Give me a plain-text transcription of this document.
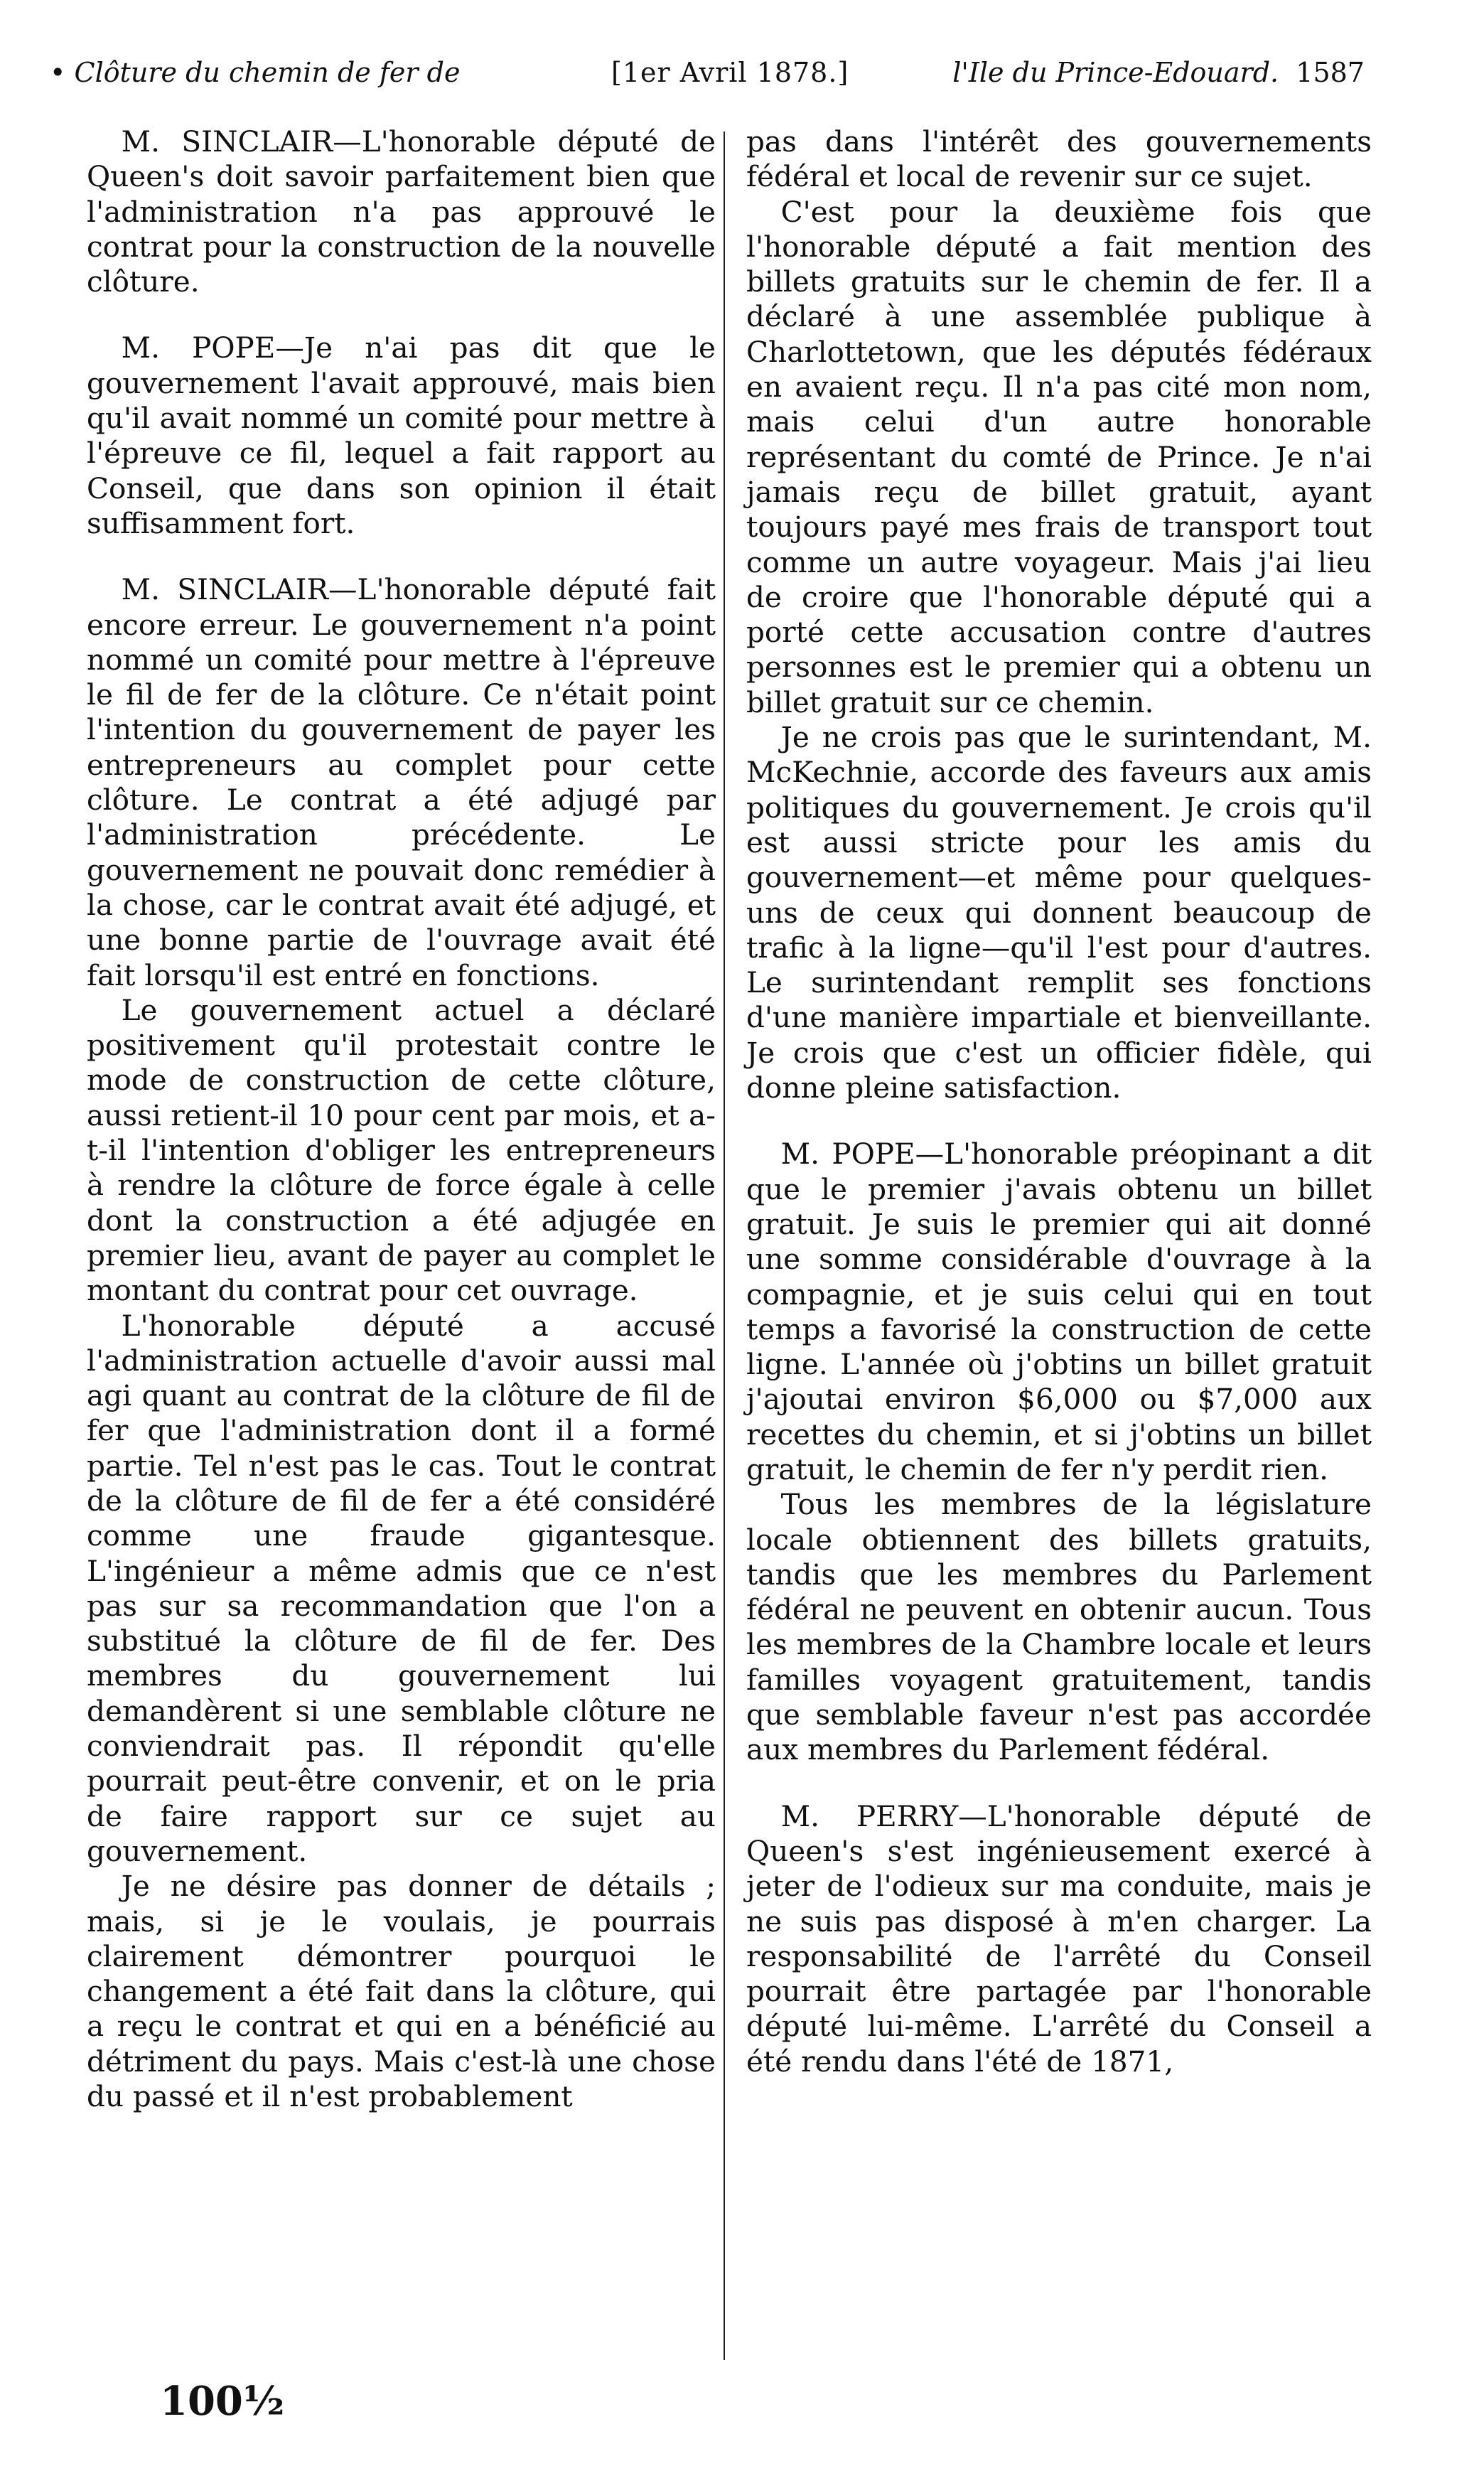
• Clôture du chemin de fer de	[1er Avril 1878.]	l'Ile du Prince-Edouard. 1587

M. SINCLAIR—L'honorable député de Queen's doit savoir parfaitement bien que l'administration n'a pas approuvé le contrat pour la construction de la nouvelle clôture.

M. POPE—Je n'ai pas dit que le gouvernement l'avait approuvé, mais bien qu'il avait nommé un comité pour mettre à l'épreuve ce fil, lequel a fait rapport au Conseil, que dans son opinion il était suffisamment fort.

M. SINCLAIR—L'honorable député fait encore erreur. Le gouvernement n'a point nommé un comité pour mettre à l'épreuve le fil de fer de la clôture. Ce n'était point l'intention du gouvernement de payer les entrepreneurs au complet pour cette clôture. Le contrat a été adjugé par l'administration précédente. Le gouvernement ne pouvait donc remédier à la chose, car le contrat avait été adjugé, et une bonne partie de l'ouvrage avait été fait lorsqu'il est entré en fonctions.

Le gouvernement actuel a déclaré positivement qu'il protestait contre le mode de construction de cette clôture, aussi retient-il 10 pour cent par mois, et a-t-il l'intention d'obliger les entrepreneurs à rendre la clôture de force égale à celle dont la construction a été adjugée en premier lieu, avant de payer au complet le montant du contrat pour cet ouvrage.

L'honorable député a accusé l'administration actuelle d'avoir aussi mal agi quant au contrat de la clôture de fil de fer que l'administration dont il a formé partie. Tel n'est pas le cas. Tout le contrat de la clôture de fil de fer a été considéré comme une fraude gigantesque. L'ingénieur a même admis que ce n'est pas sur sa recommandation que l'on a substitué la clôture de fil de fer. Des membres du gouvernement lui demandèrent si une semblable clôture ne conviendrait pas. Il répondit qu'elle pourrait peut-être convenir, et on le pria de faire rapport sur ce sujet au gouvernement.

Je ne désire pas donner de détails ; mais, si je le voulais, je pourrais clairement démontrer pourquoi le changement a été fait dans la clôture, qui a reçu le contrat et qui en a bénéficié au détriment du pays. Mais c'est-là une chose du passé et il n'est probablement

pas dans l'intérêt des gouvernements fédéral et local de revenir sur ce sujet.

C'est pour la deuxième fois que l'honorable député a fait mention des billets gratuits sur le chemin de fer. Il a déclaré à une assemblée publique à Charlottetown, que les députés fédéraux en avaient reçu. Il n'a pas cité mon nom, mais celui d'un autre honorable représentant du comté de Prince. Je n'ai jamais reçu de billet gratuit, ayant toujours payé mes frais de transport tout comme un autre voyageur. Mais j'ai lieu de croire que l'honorable député qui a porté cette accusation contre d'autres personnes est le premier qui a obtenu un billet gratuit sur ce chemin.

Je ne crois pas que le surintendant, M. McKechnie, accorde des faveurs aux amis politiques du gouvernement. Je crois qu'il est aussi stricte pour les amis du gouvernement—et même pour quelques-uns de ceux qui donnent beaucoup de trafic à la ligne—qu'il l'est pour d'autres. Le surintendant remplit ses fonctions d'une manière impartiale et bienveillante. Je crois que c'est un officier fidèle, qui donne pleine satisfaction.

M. POPE—L'honorable préopinant a dit que le premier j'avais obtenu un billet gratuit. Je suis le premier qui ait donné une somme considérable d'ouvrage à la compagnie, et je suis celui qui en tout temps a favorisé la construction de cette ligne. L'année où j'obtins un billet gratuit j'ajoutai environ $6,000 ou $7,000 aux recettes du chemin, et si j'obtins un billet gratuit, le chemin de fer n'y perdit rien.

Tous les membres de la législature locale obtiennent des billets gratuits, tandis que les membres du Parlement fédéral ne peuvent en obtenir aucun. Tous les membres de la Chambre locale et leurs familles voyagent gratuitement, tandis que semblable faveur n'est pas accordée aux membres du Parlement fédéral.

M. PERRY—L'honorable député de Queen's s'est ingénieusement exercé à jeter de l'odieux sur ma conduite, mais je ne suis pas disposé à m'en charger. La responsabilité de l'arrêté du Conseil pourrait être partagée par l'honorable député lui-même. L'arrêté du Conseil a été rendu dans l'été de 1871,

100½
